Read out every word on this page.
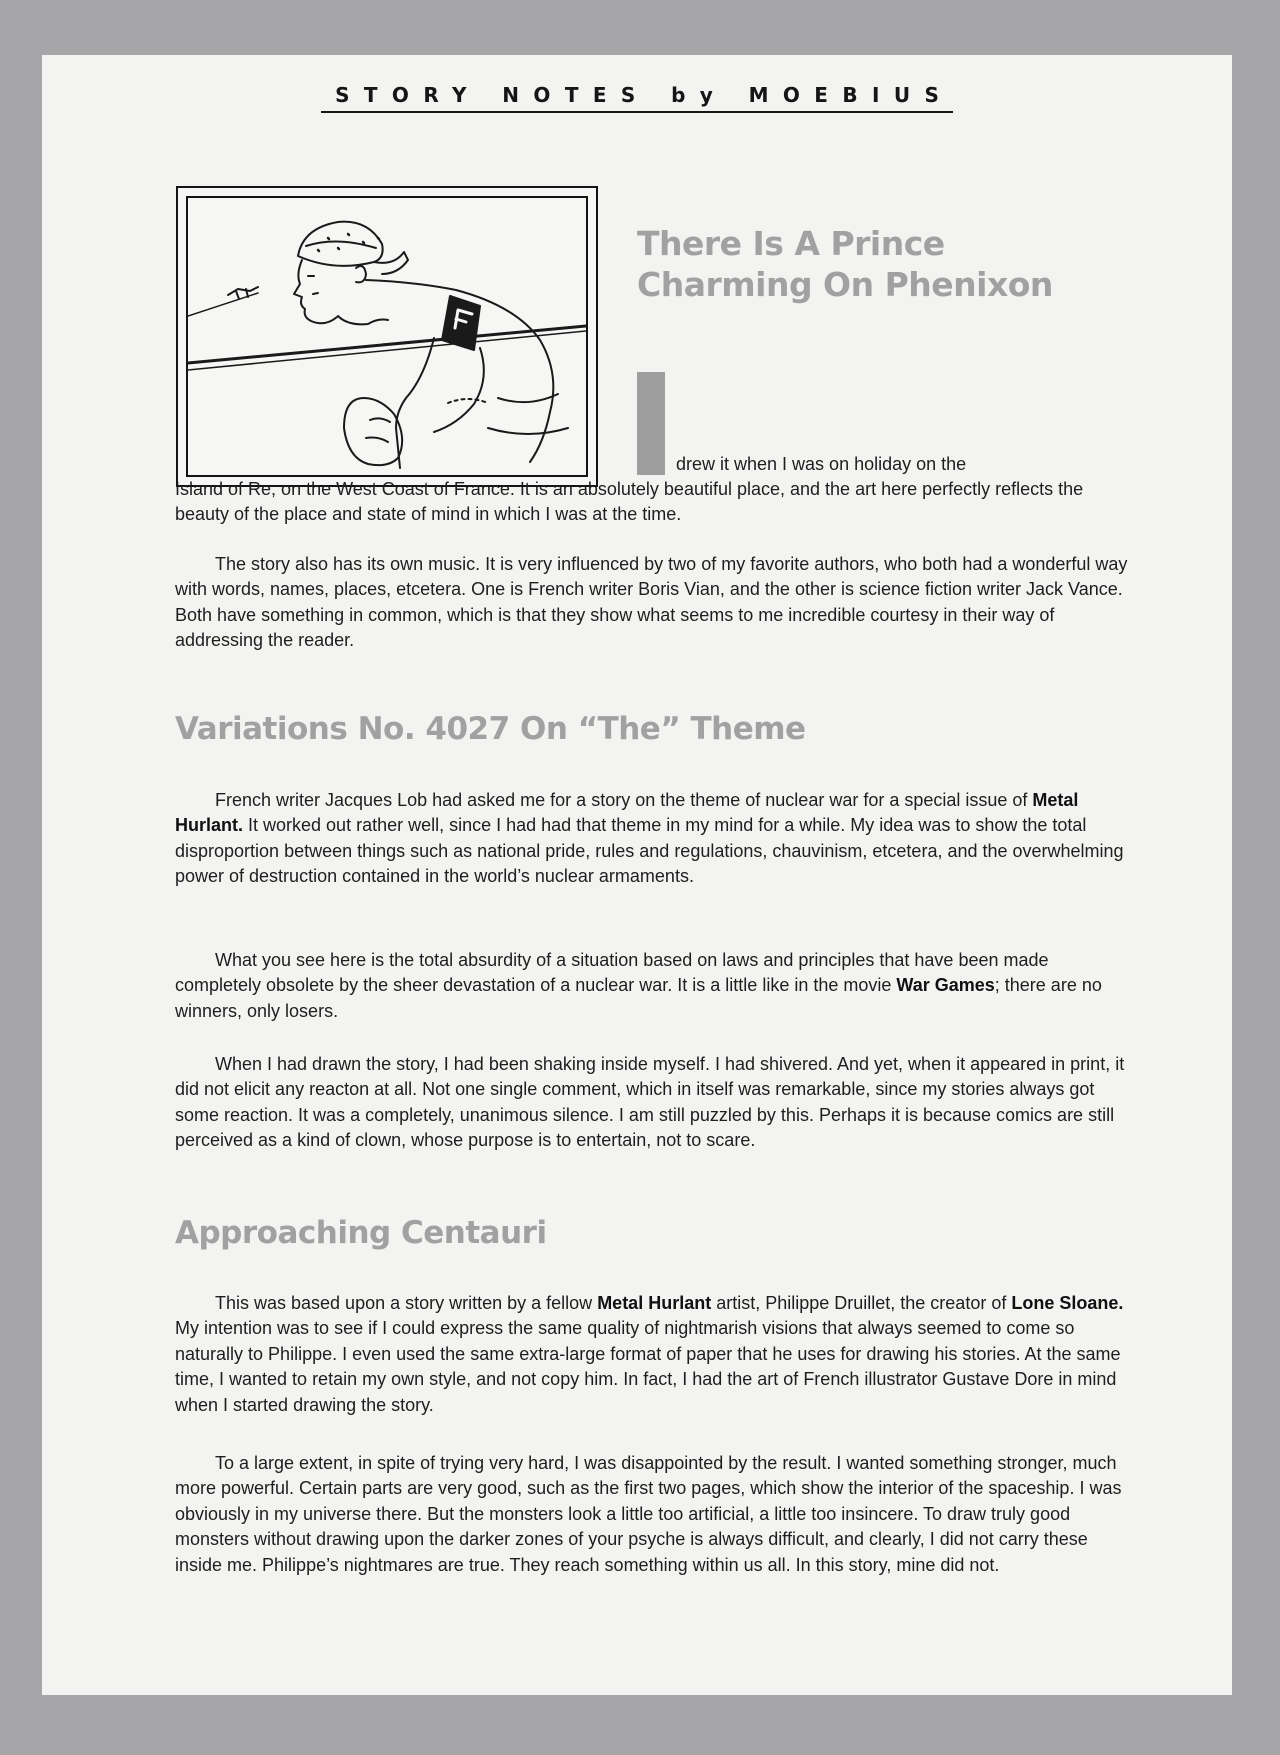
STORY NOTES by MOEBIUS
There Is A Prince
Charming On Phenixon

drew it when I was on holiday on the

Island of Re, on the West Coast of France. It is an absolutely beautiful place, and the art here perfectly reflects the beauty of the place and state of mind in which I was at the time.

The story also has its own music. It is very influenced by two of my favorite authors, who both had a wonderful way with words, names, places, etcetera. One is French writer Boris Vian, and the other is science fiction writer Jack Vance. Both have something in common, which is that they show what seems to me incredible courtesy in their way of addressing the reader.

Variations No. 4027 On “The” Theme

French writer Jacques Lob had asked me for a story on the theme of nuclear war for a special issue of Metal Hurlant. It worked out rather well, since I had had that theme in my mind for a while. My idea was to show the total disproportion between things such as national pride, rules and regulations, chauvinism, etcetera, and the overwhelming power of destruction contained in the world’s nuclear armaments.

What you see here is the total absurdity of a situation based on laws and principles that have been made completely obsolete by the sheer devastation of a nuclear war. It is a little like in the movie War Games; there are no winners, only losers.

When I had drawn the story, I had been shaking inside myself. I had shivered. And yet, when it appeared in print, it did not elicit any reacton at all. Not one single comment, which in itself was remarkable, since my stories always got some reaction. It was a completely, unanimous silence. I am still puzzled by this. Perhaps it is because comics are still perceived as a kind of clown, whose purpose is to entertain, not to scare.

Approaching Centauri

This was based upon a story written by a fellow Metal Hurlant artist, Philippe Druillet, the creator of Lone Sloane. My intention was to see if I could express the same quality of nightmarish visions that always seemed to come so naturally to Philippe. I even used the same extra-large format of paper that he uses for drawing his stories. At the same time, I wanted to retain my own style, and not copy him. In fact, I had the art of French illustrator Gustave Dore in mind when I started drawing the story.

To a large extent, in spite of trying very hard, I was disappointed by the result. I wanted something stronger, much more powerful. Certain parts are very good, such as the first two pages, which show the interior of the spaceship. I was obviously in my universe there. But the monsters look a little too artificial, a little too insincere. To draw truly good monsters without drawing upon the darker zones of your psyche is always difficult, and clearly, I did not carry these inside me. Philippe’s nightmares are true. They reach something within us all. In this story, mine did not.
